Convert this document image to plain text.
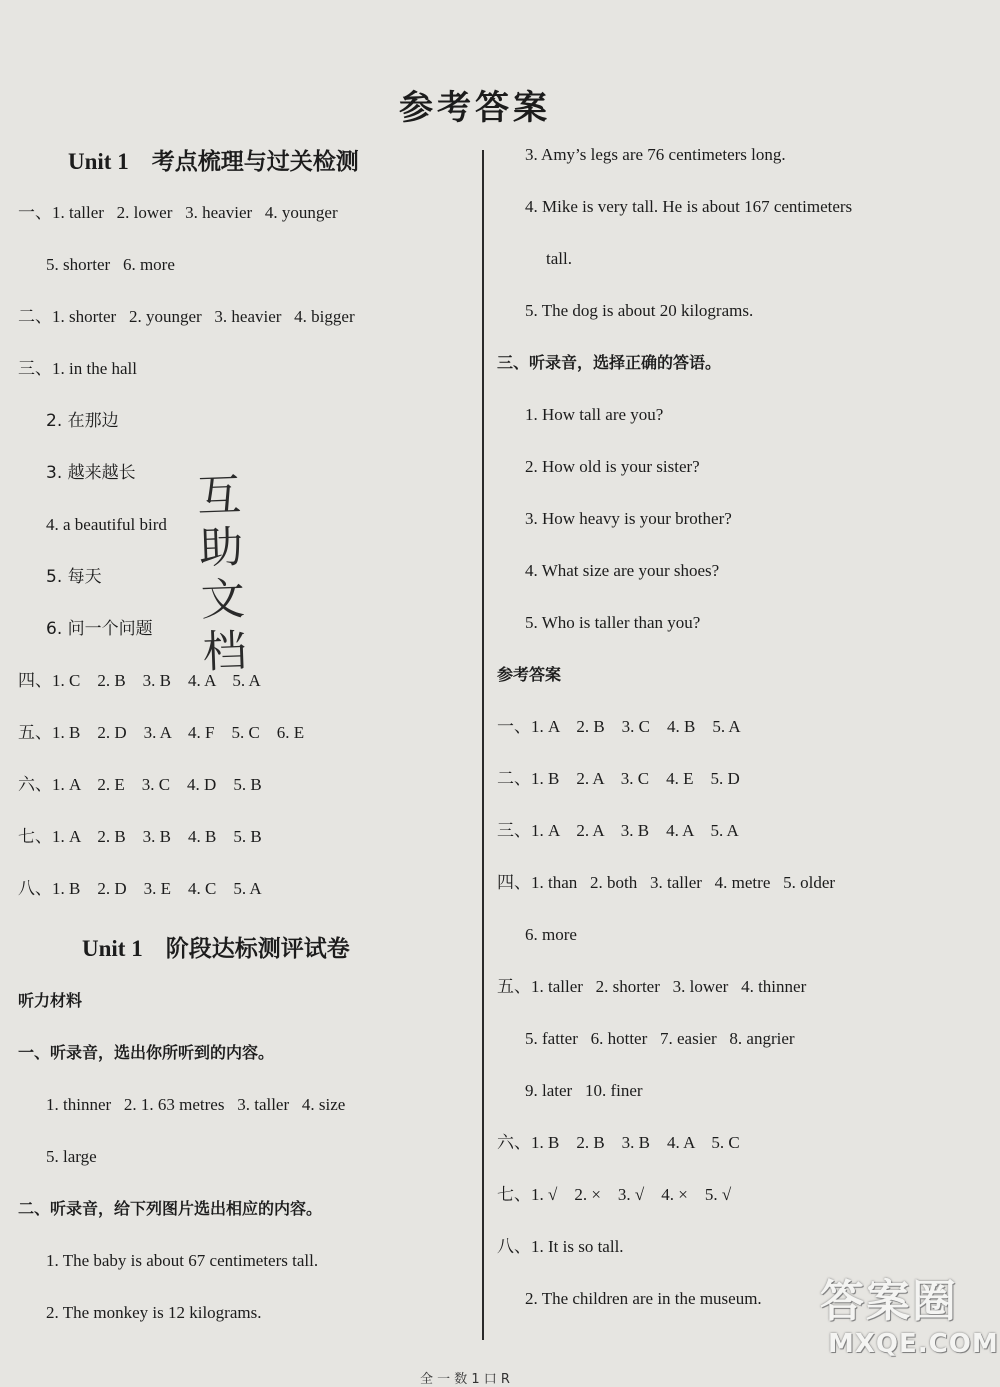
参考答案
Unit 1 考点梳理与过关检测
一、1. taller   2. lower   3. heavier   4. younger
5. shorter   6. more
二、1. shorter   2. younger   3. heavier   4. bigger
三、1. in the hall
2. 在那边
3. 越来越长
4. a beautiful bird
5. 每天
6. 问一个问题
四、1. C    2. B    3. B    4. A    5. A
五、1. B    2. D    3. A    4. F    5. C    6. E
六、1. A    2. E    3. C    4. D    5. B
七、1. A    2. B    3. B    4. B    5. B
八、1. B    2. D    3. E    4. C    5. A
Unit 1 阶段达标测评试卷
听力材料
一、听录音，选出你所听到的内容。
1. thinner   2. 1. 63 metres   3. taller   4. size
5. large
二、听录音，给下列图片选出相应的内容。
1. The baby is about 67 centimeters tall.
2. The monkey is 12 kilograms.
互
助
文
档
3. Amy’s legs are 76 centimeters long.
4. Mike is very tall. He is about 167 centimeters
tall.
5. The dog is about 20 kilograms.
三、听录音，选择正确的答语。
1. How tall are you?
2. How old is your sister?
3. How heavy is your brother?
4. What size are your shoes?
5. Who is taller than you?
参考答案
一、1. A    2. B    3. C    4. B    5. A
二、1. B    2. A    3. C    4. E    5. D
三、1. A    2. A    3. B    4. A    5. A
四、1. than   2. both   3. taller   4. metre   5. older
6. more
五、1. taller   2. shorter   3. lower   4. thinner
5. fatter   6. hotter   7. easier   8. angrier
9. later   10. finer
六、1. B    2. B    3. B    4. A    5. C
七、1. √    2. ×    3. √    4. ×    5. √
八、1. It is so tall.
2. The children are in the museum. 答案圈
MXQE.COM
全 一 数 1 口 R
